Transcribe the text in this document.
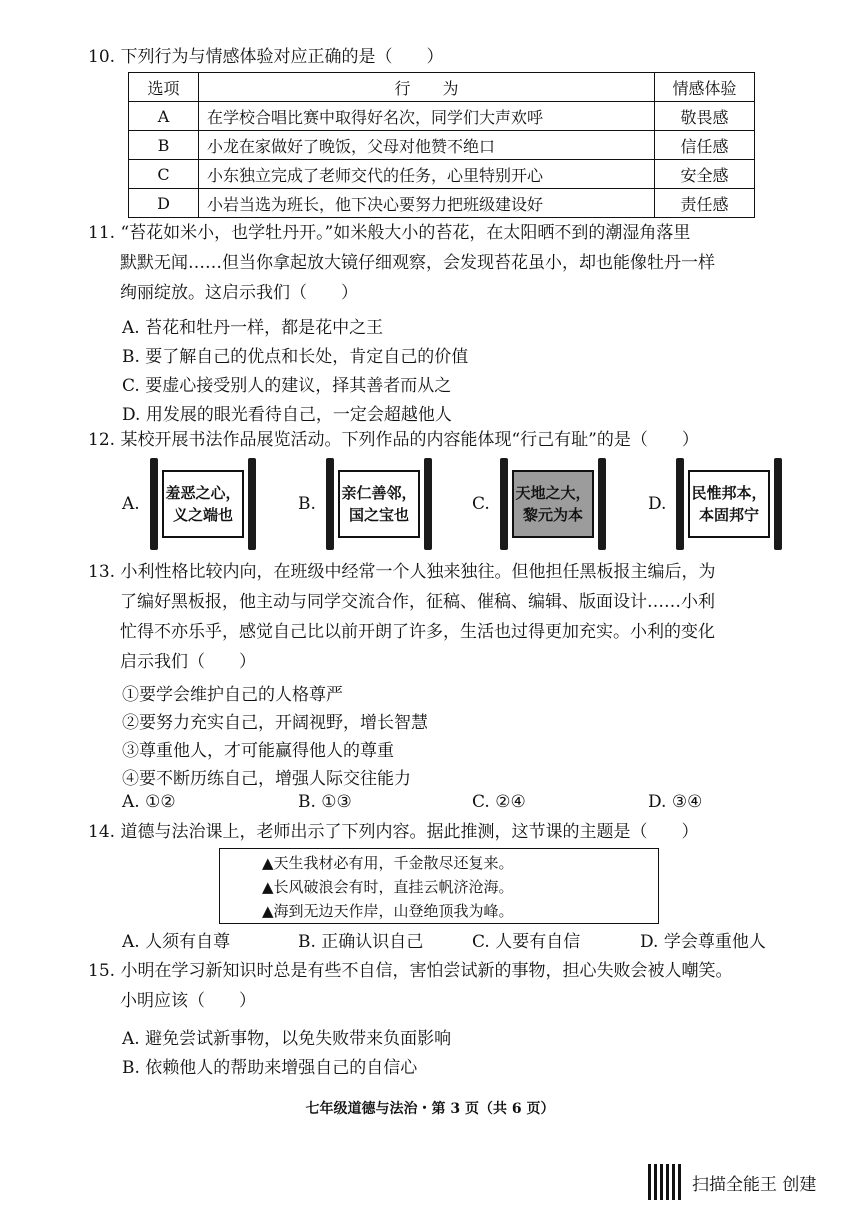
10. 下列行为与情感体验对应正确的是（　　）
选项	行　　为	情感体验
A	在学校合唱比赛中取得好名次，同学们大声欢呼	敬畏感
B	小龙在家做好了晚饭，父母对他赞不绝口	信任感
C	小东独立完成了老师交代的任务，心里特别开心	安全感
D	小岩当选为班长，他下决心要努力把班级建设好	责任感
11. “苔花如米小，也学牡丹开。”如米般大小的苔花，在太阳晒不到的潮湿角落里
默默无闻……但当你拿起放大镜仔细观察，会发现苔花虽小，却也能像牡丹一样
绚丽绽放。这启示我们（　　）
A. 苔花和牡丹一样，都是花中之王
B. 要了解自己的优点和长处，肯定自己的价值
C. 要虚心接受别人的建议，择其善者而从之
D. 用发展的眼光看待自己，一定会超越他人
12. 某校开展书法作品展览活动。下列作品的内容能体现“行己有耻”的是（　　）
A.
羞恶之心，
义之端也
B.
亲仁善邻，
国之宝也
C.
天地之大，
黎元为本
D.
民惟邦本，
本固邦宁
13. 小利性格比较内向，在班级中经常一个人独来独往。但他担任黑板报主编后，为
了编好黑板报，他主动与同学交流合作，征稿、催稿、编辑、版面设计……小利
忙得不亦乐乎，感觉自己比以前开朗了许多，生活也过得更加充实。小利的变化
启示我们（　　）
①要学会维护自己的人格尊严
②要努力充实自己，开阔视野，增长智慧
③尊重他人，才可能赢得他人的尊重
④要不断历练自己，增强人际交往能力
A. ①②	B. ①③	C. ②④	D. ③④
14. 道德与法治课上，老师出示了下列内容。据此推测，这节课的主题是（　　）
▲天生我材必有用，千金散尽还复来。
▲长风破浪会有时，直挂云帆济沧海。
▲海到无边天作岸，山登绝顶我为峰。
A. 人须有自尊	B. 正确认识自己	C. 人要有自信	D. 学会尊重他人
15. 小明在学习新知识时总是有些不自信，害怕尝试新的事物，担心失败会被人嘲笑。
小明应该（　　）
A. 避免尝试新事物，以免失败带来负面影响
B. 依赖他人的帮助来增强自己的自信心
七年级道德与法治・第 3 页（共 6 页）
扫描全能王 创建
